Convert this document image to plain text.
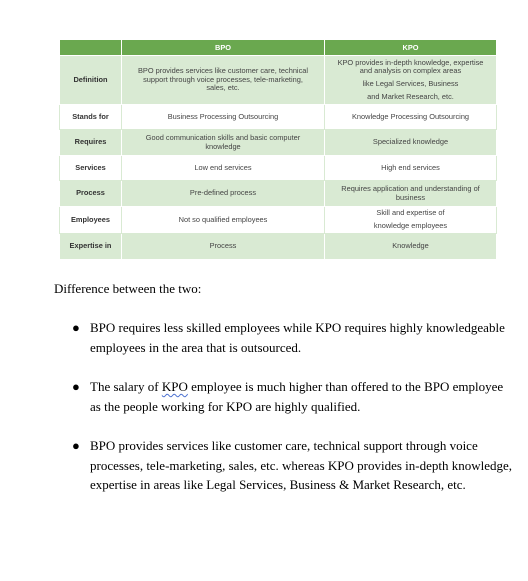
	BPO	KPO
Definition	BPO provides services like customer care, technical
support through voice processes, tele-marketing,
sales, etc.	KPO provides in-depth knowledge, expertise
and analysis on complex areas
like Legal Services, Business
and Market Research, etc.

Stands for	Business Processing Outsourcing	Knowledge Processing Outsourcing

Requires	Good communication skills and basic computer
knowledge	Specialized knowledge

Services	Low end services	High end services

Process	Pre-defined process	Requires application and understanding of
business

Employees	Not so qualified employees	Skill and expertise of
knowledge employees

Expertise in	Process	Knowledge

Difference between the two:

● BPO requires less skilled employees while KPO requires highly knowledgeable employees in the area that is outsourced.
● The salary of KPO employee is much higher than offered to the BPO employee as the people working for KPO are highly qualified.
● BPO provides services like customer care, technical support through voice processes, tele-marketing, sales, etc. whereas KPO provides in-depth knowledge, expertise in areas like Legal Services, Business & Market Research, etc.
